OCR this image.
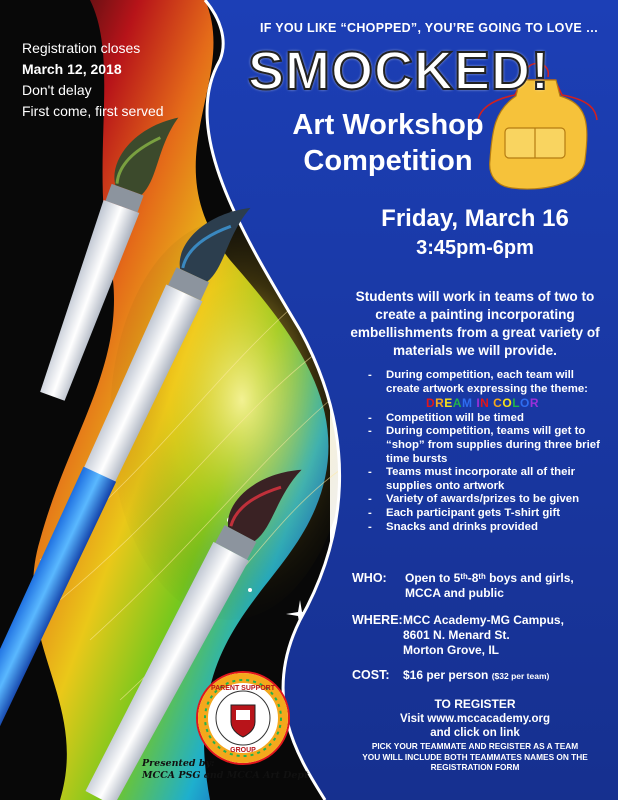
PARENT SUPPORT
GROUP
Registration closes
March 12, 2018
Don't delay
First come, first served
IF YOU LIKE “CHOPPED”, YOU’RE GOING TO LOVE …
SMOCKED!
Art Workshop
Competition
Friday, March 16
3:45pm-6pm
Students will work in teams of two to create a painting incorporating embellishments from a great variety of materials we will provide.
- During competition, each team will create artwork expressing the theme:
DREAM IN COLOR
- Competition will be timed
- During competition, teams will get to “shop” from supplies during three brief time bursts
- Teams must incorporate all of their supplies onto artwork
- Variety of awards/prizes to be given
- Each participant gets T-shirt gift
- Snacks and drinks provided
WHO: Open to 5th-8th boys and girls,
MCCA and public
WHERE: MCC Academy-MG Campus,
8601 N. Menard St.
Morton Grove, IL
COST: $16 per person ($32 per team)
TO REGISTER
Visit www.mccacademy.org
and click on link
PICK YOUR TEAMMATE AND REGISTER AS A TEAM
YOU WILL INCLUDE BOTH TEAMMATES NAMES ON THE REGISTRATION FORM
Presented by:
MCCA PSG and MCCA Art Dept
